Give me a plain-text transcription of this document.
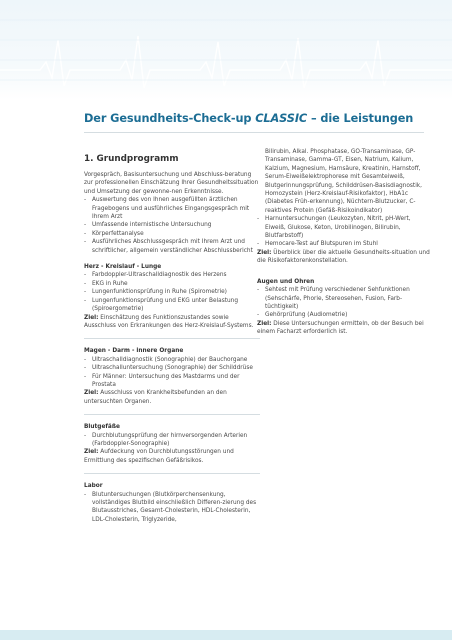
Der Gesundheits-Check-up CLASSIC – die Leistungen
1. Grundprogramm

Vorgespräch, Basisuntersuchung und Abschluss-beratung zur professionellen Einschätzung Ihrer Gesundheitssituation und Umsetzung der gewonne-nen Erkenntnisse.

- Auswertung des von Ihnen ausgefüllten ärztlichen Fragebogens und ausführliches Eingangsgespräch mit Ihrem Arzt
- Umfassende internistische Untersuchung
- Körperfettanalyse
- Ausführliches Abschlussgespräch mit Ihrem Arzt und schriftlicher, allgemein verständlicher Abschlussbericht
Herz - Kreislauf - Lunge
- Farbdoppler-Ultraschalldiagnostik des Herzens
- EKG in Ruhe
- Lungenfunktionsprüfung in Ruhe (Spirometrie)
- Lungenfunktionsprüfung und EKG unter Belastung (Spiroergometrie)
Ziel: Einschätzung des Funktionszustandes sowie Ausschluss von Erkrankungen des Herz-Kreislauf-Systems.
Magen - Darm - innere Organe
- Ultraschalldiagnostik (Sonographie) der Bauchorgane
- Ultraschalluntersuchung (Sonographie) der Schilddrüse
- Für Männer: Untersuchung des Mastdarms und der Prostata
Ziel: Ausschluss von Krankheitsbefunden an den untersuchten Organen.
Blutgefäße
- Durchblutungsprüfung der hirnversorgenden Arterien (Farbdoppler-Sonographie)
Ziel: Aufdeckung von Durchblutungsstörungen und Ermittlung des spezifischen Gefäßrisikos.
Labor
- Blutuntersuchungen (Blutkörperchensenkung, vollständiges Blutbild einschließlich Differen-zierung des Blutausstriches, Gesamt-Cholesterin, HDL-Cholesterin, LDL-Cholesterin, Triglyzeride,
Bilirubin, Alkal. Phosphatase, GO-Transaminase, GP-Transaminase, Gamma-GT, Eisen, Natrium, Kalium, Kalzium, Magnesium, Harnsäure, Kreatinin, Harnstoff, Serum-Eiweißelektrophorese mit Gesamteiweiß, Blutgerinnungsprüfung, Schilddrüsen-Basisdiagnostik, Homozystein (Herz-Kreislauf-Risikofaktor), HbA1c (Diabetes Früh-erkennung), Nüchtern-Blutzucker, C-reaktives Protein (Gefäß-Risikoindikator)
- Harnuntersuchungen (Leukozyten, Nitrit, pH-Wert, Eiweiß, Glukose, Keton, Urobilinogen, Bilirubin, Blutfarbstoff)
- Hemocare-Test auf Blutspuren im Stuhl
Ziel: Überblick über die aktuelle Gesundheits-situation und die Risikofaktorenkonstellation.
Augen und Ohren
- Sehtest mit Prüfung verschiedener Sehfunktionen (Sehschärfe, Phorie, Stereosehen, Fusion, Farb-tüchtigkeit)
- Gehörprüfung (Audiometrie)
Ziel: Diese Untersuchungen ermitteln, ob der Besuch bei einem Facharzt erforderlich ist.
